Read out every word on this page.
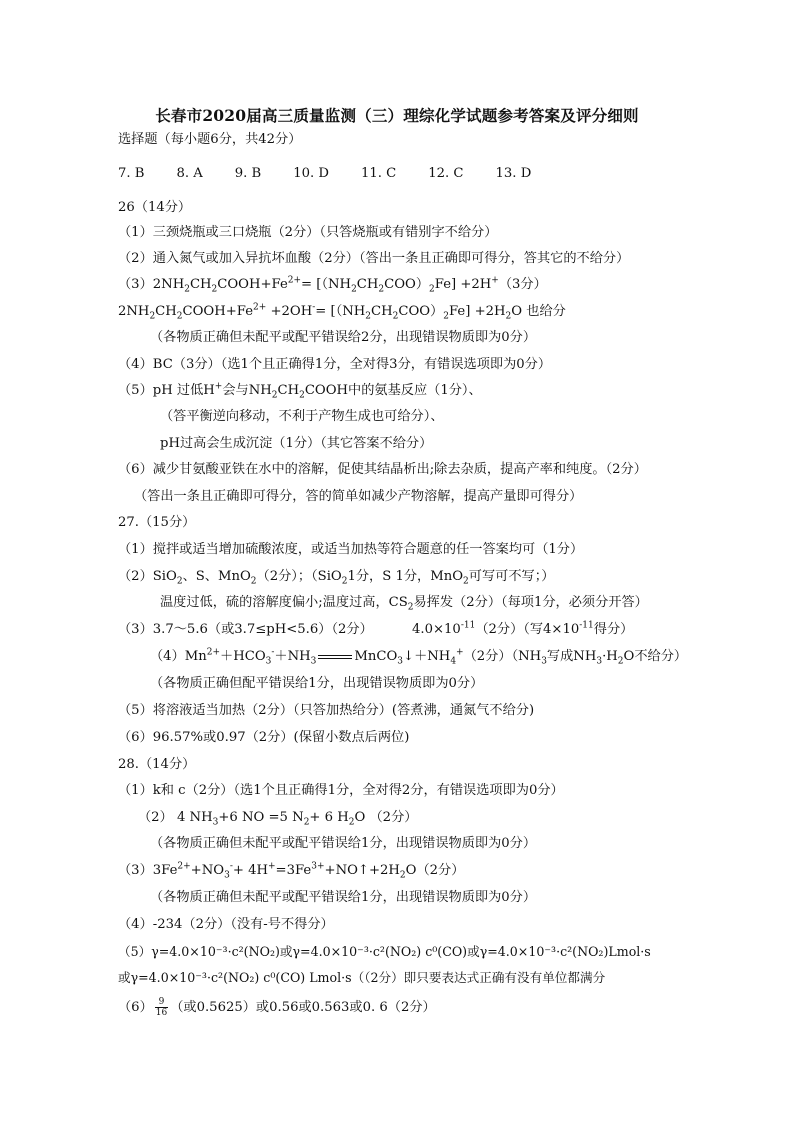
长春市2020届高三质量监测（三）理综化学试题参考答案及评分细则
选择题（每小题6分，共42分）
7. B 8. A 9. B 10. D 11. C 12. C 13. D
26（14分）
（1）三颈烧瓶或三口烧瓶（2分）（只答烧瓶或有错别字不给分）
（2）通入氮气或加入异抗坏血酸（2分）（答出一条且正确即可得分，答其它的不给分）
$(3)2NH_2CH_2COOH+Fe^{2+}= [(NH_2CH_2COO)_2Fe] +2H^+(3$分）
$2NH_2CH_2COOH+Fe^{2+} +2OH^-= [(NH_2CH_2COO)_2Fe] +2H_2O$ 也给分
（各物质正确但未配平或配平错误给2分，出现错误物质即为0分）
（4）BC（3分）（选1个且正确得1分，全对得3分，有错误选项即为0分）
（5）pH 过低H+会与$NH_2CH_2COOH$中的氨基反应（1分）、
（答平衡逆向移动，不利于产物生成也可给分）、
pH过高会生成沉淀（1分）（其它答案不给分）
（6）减少甘氨酸亚铁在水中的溶解，促使其结晶析出;除去杂质，提高产率和纯度。（2分）
（答出一条且正确即可得分，答的简单如减少产物溶解，提高产量即可得分）
27.（15分）
（1）搅拌或适当增加硫酸浓度，或适当加热等符合题意的任一答案均可（1分）
（2）SiO$_2$、S、MnO$_2$（2分）；（SiO$_2$1分，S 1分，MnO$_2$可写可不写；）
温度过低，硫的溶解度偏小;温度过高，$CS_2$易挥发（2分）（每项1分，必须分开答）
（3）3.7～5.6（或3.7≤pH<5.6）（2分）	$4.0\times 10^{-11}(2$分）（写$4\times 10^{-11}$得分）
$(4)Mn^{2+}+HCO_3^-+NH_3$	$MnCO_3↓+NH_4^+(2$分）（$NH_3$写成$NH_3\cdot H_2O$不给分）
（各物质正确但配平错误给1分，出现错误物质即为0分）
（5）将溶液适当加热（2分）（只答加热给分）(答煮沸，通氮气不给分)
（6）96.57%或0.97（2分）(保留小数点后两位)
28.（14分）
（1）k和 c（2分）（选1个且正确得1分，全对得2分，有错误选项即为0分）
（2） 4 $NH_3+6$ NO =5 $N_2+ 6$ $H_2O$ （2分）
（各物质正确但未配平或配平错误给1分，出现错误物质即为0分）
$(3)3Fe^{2+}+NO_3^-+$ $4H^+=3Fe^{3+}+NO↑+2H_2O(2$分）
（各物质正确但未配平或配平错误给1分，出现错误物质即为0分）
（4）-234（2分）（没有-号不得分）
（5）γ=4.0×10⁻³·c²(NO₂)或γ=4.0×10⁻³·c²(NO₂) c⁰(CO)或γ=4.0×10⁻³·c²(NO₂)Lmol·s
或γ=4.0×10⁻³·c²(NO₂) c⁰(CO) Lmol·s（（2分）即只要表达式正确有没有单位都满分
$(6) \frac{9}{16}$ （或0.5625）或0.56或0.563或0. 6（2分）
